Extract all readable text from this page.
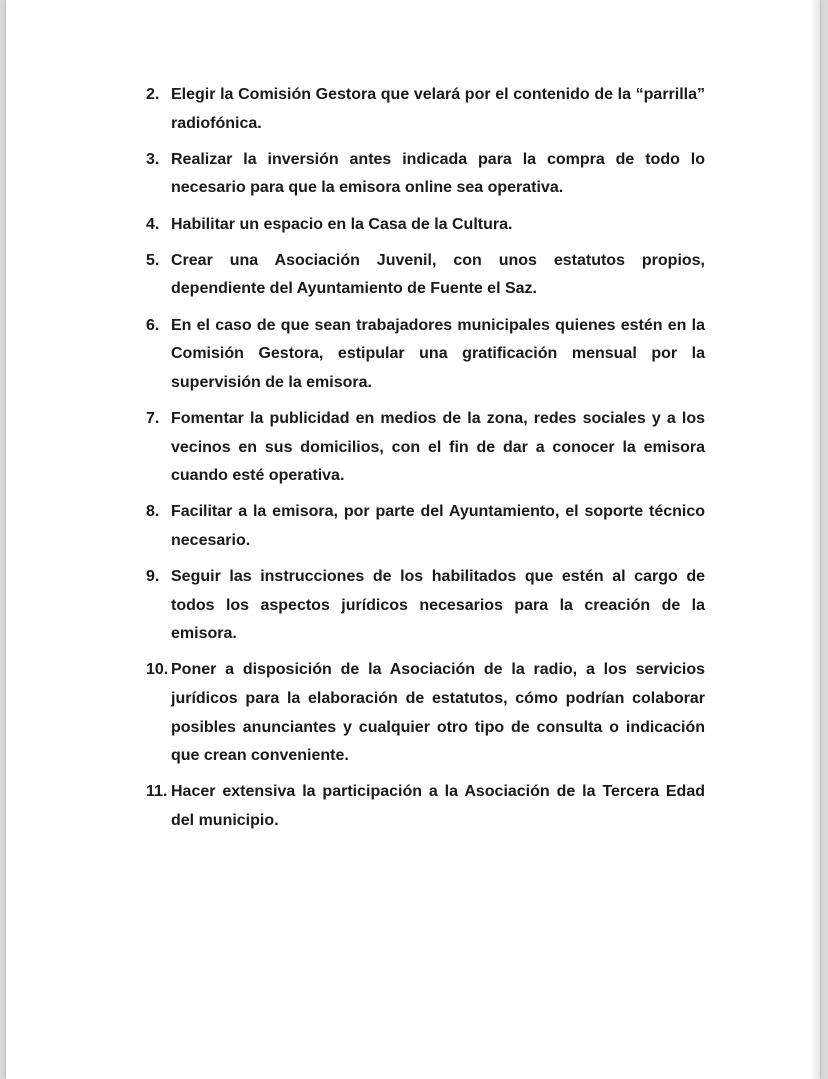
2. Elegir la Comisión Gestora que velará por el contenido de la “parrilla” radiofónica.
3. Realizar la inversión antes indicada para la compra de todo lo necesario para que la emisora online sea operativa.
4. Habilitar un espacio en la Casa de la Cultura.
5. Crear una Asociación Juvenil, con unos estatutos propios, dependiente del Ayuntamiento de Fuente el Saz.
6. En el caso de que sean trabajadores municipales quienes estén en la Comisión Gestora, estipular una gratificación mensual por la supervisión de la emisora.
7. Fomentar la publicidad en medios de la zona, redes sociales y a los vecinos en sus domicilios, con el fin de dar a conocer la emisora cuando esté operativa.
8. Facilitar a la emisora, por parte del Ayuntamiento, el soporte técnico necesario.
9. Seguir las instrucciones de los habilitados que estén al cargo de todos los aspectos jurídicos necesarios para la creación de la emisora.
10. Poner a disposición de la Asociación de la radio, a los servicios jurídicos para la elaboración de estatutos, cómo podrían colaborar posibles anunciantes y cualquier otro tipo de consulta o indicación que crean conveniente.
11. Hacer extensiva la participación a la Asociación de la Tercera Edad del municipio.
